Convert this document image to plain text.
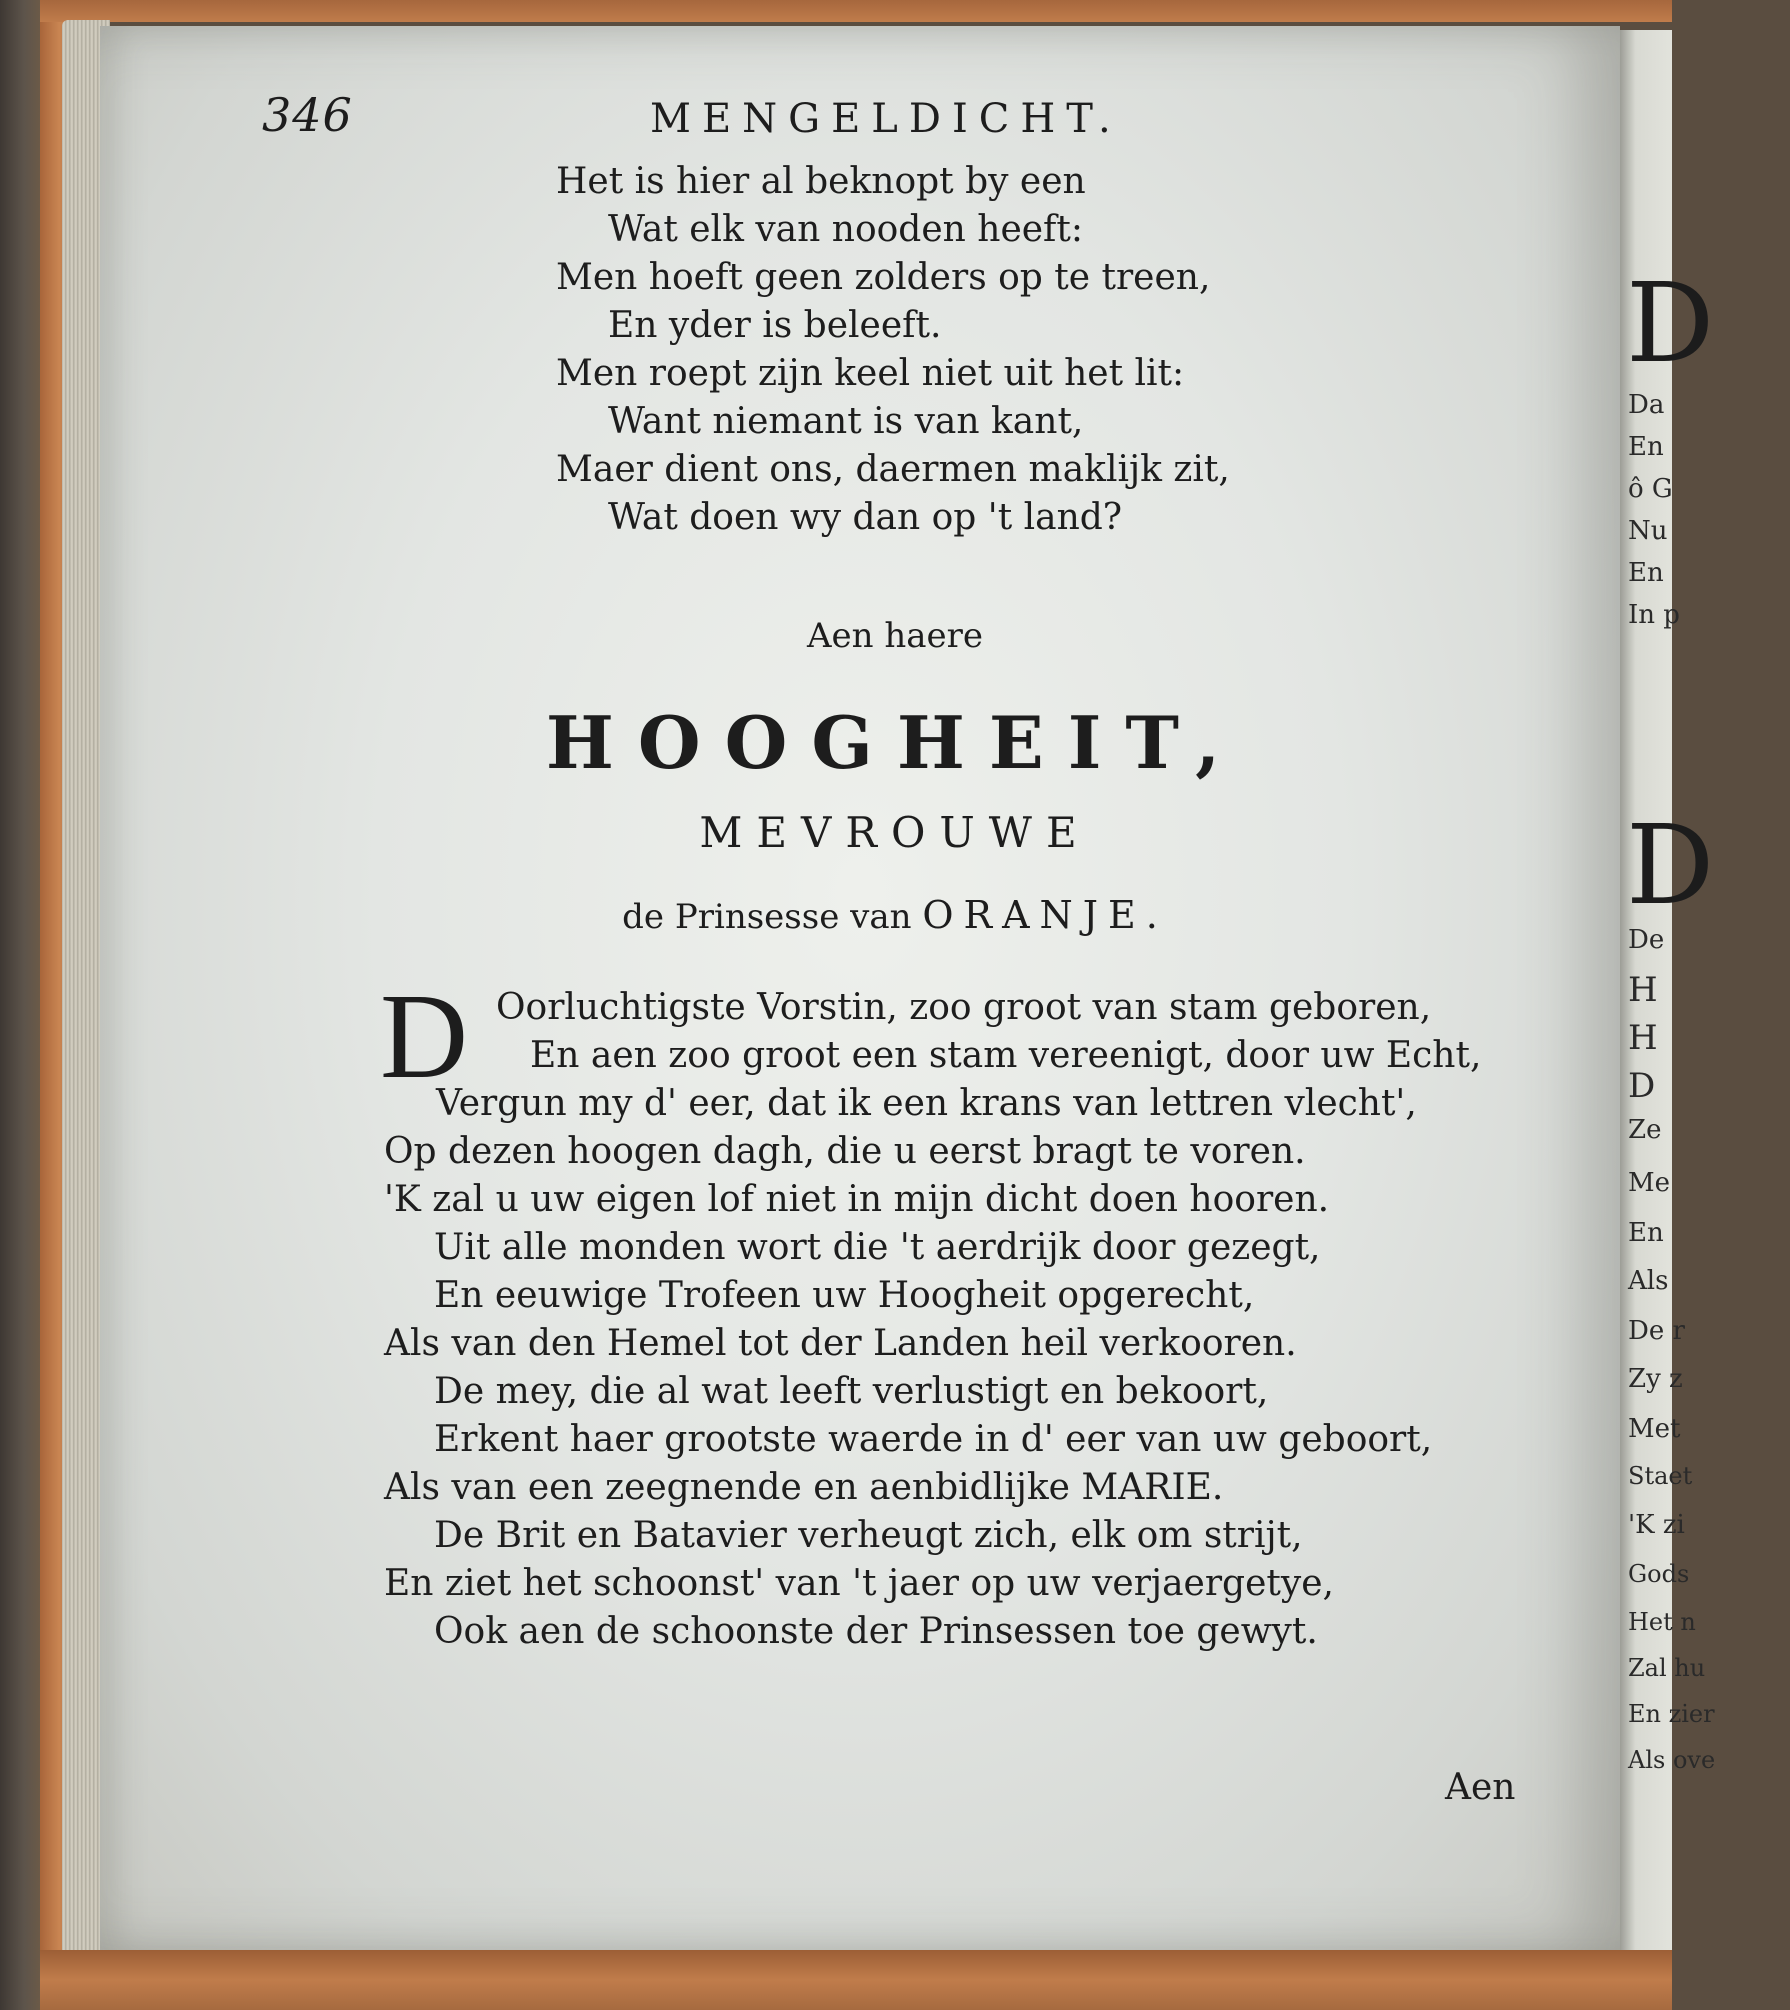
D
Da
En
ô G
Nu
En
In p
D
De
H
H
D
Ze
Me
En
Als
De r
Zy z
Met
Staet
'K zi
Gods
Het n
Zal hu
En zier
Als ove
346	MENGELDICHT.
Het is hier al beknopt by een
Wat elk van nooden heeft:
Men hoeft geen zolders op te treen,
En yder is beleeft.
Men roept zijn keel niet uit het lit:
Want niemant is van kant,
Maer dient ons, daermen maklijk zit,
Wat doen wy dan op 't land?
Aen haere
HOOGHEIT,
MEVROUWE
de Prinsesse van ORANJE.
D Oorluchtigste Vorstin, zoo groot van stam geboren,
En aen zoo groot een stam vereenigt, door uw Echt,
Vergun my d' eer, dat ik een krans van lettren vlecht',
Op dezen hoogen dagh, die u eerst bragt te voren.
'K zal u uw eigen lof niet in mijn dicht doen hooren.
Uit alle monden wort die 't aerdrijk door gezegt,
En eeuwige Trofeen uw Hoogheit opgerecht,
Als van den Hemel tot der Landen heil verkooren.
De mey, die al wat leeft verlustigt en bekoort,
Erkent haer grootste waerde in d' eer van uw geboort,
Als van een zeegnende en aenbidlijke MARIE.
De Brit en Batavier verheugt zich, elk om strijt,
En ziet het schoonst' van 't jaer op uw verjaergetye,
Ook aen de schoonste der Prinsessen toe gewyt.
Aen
